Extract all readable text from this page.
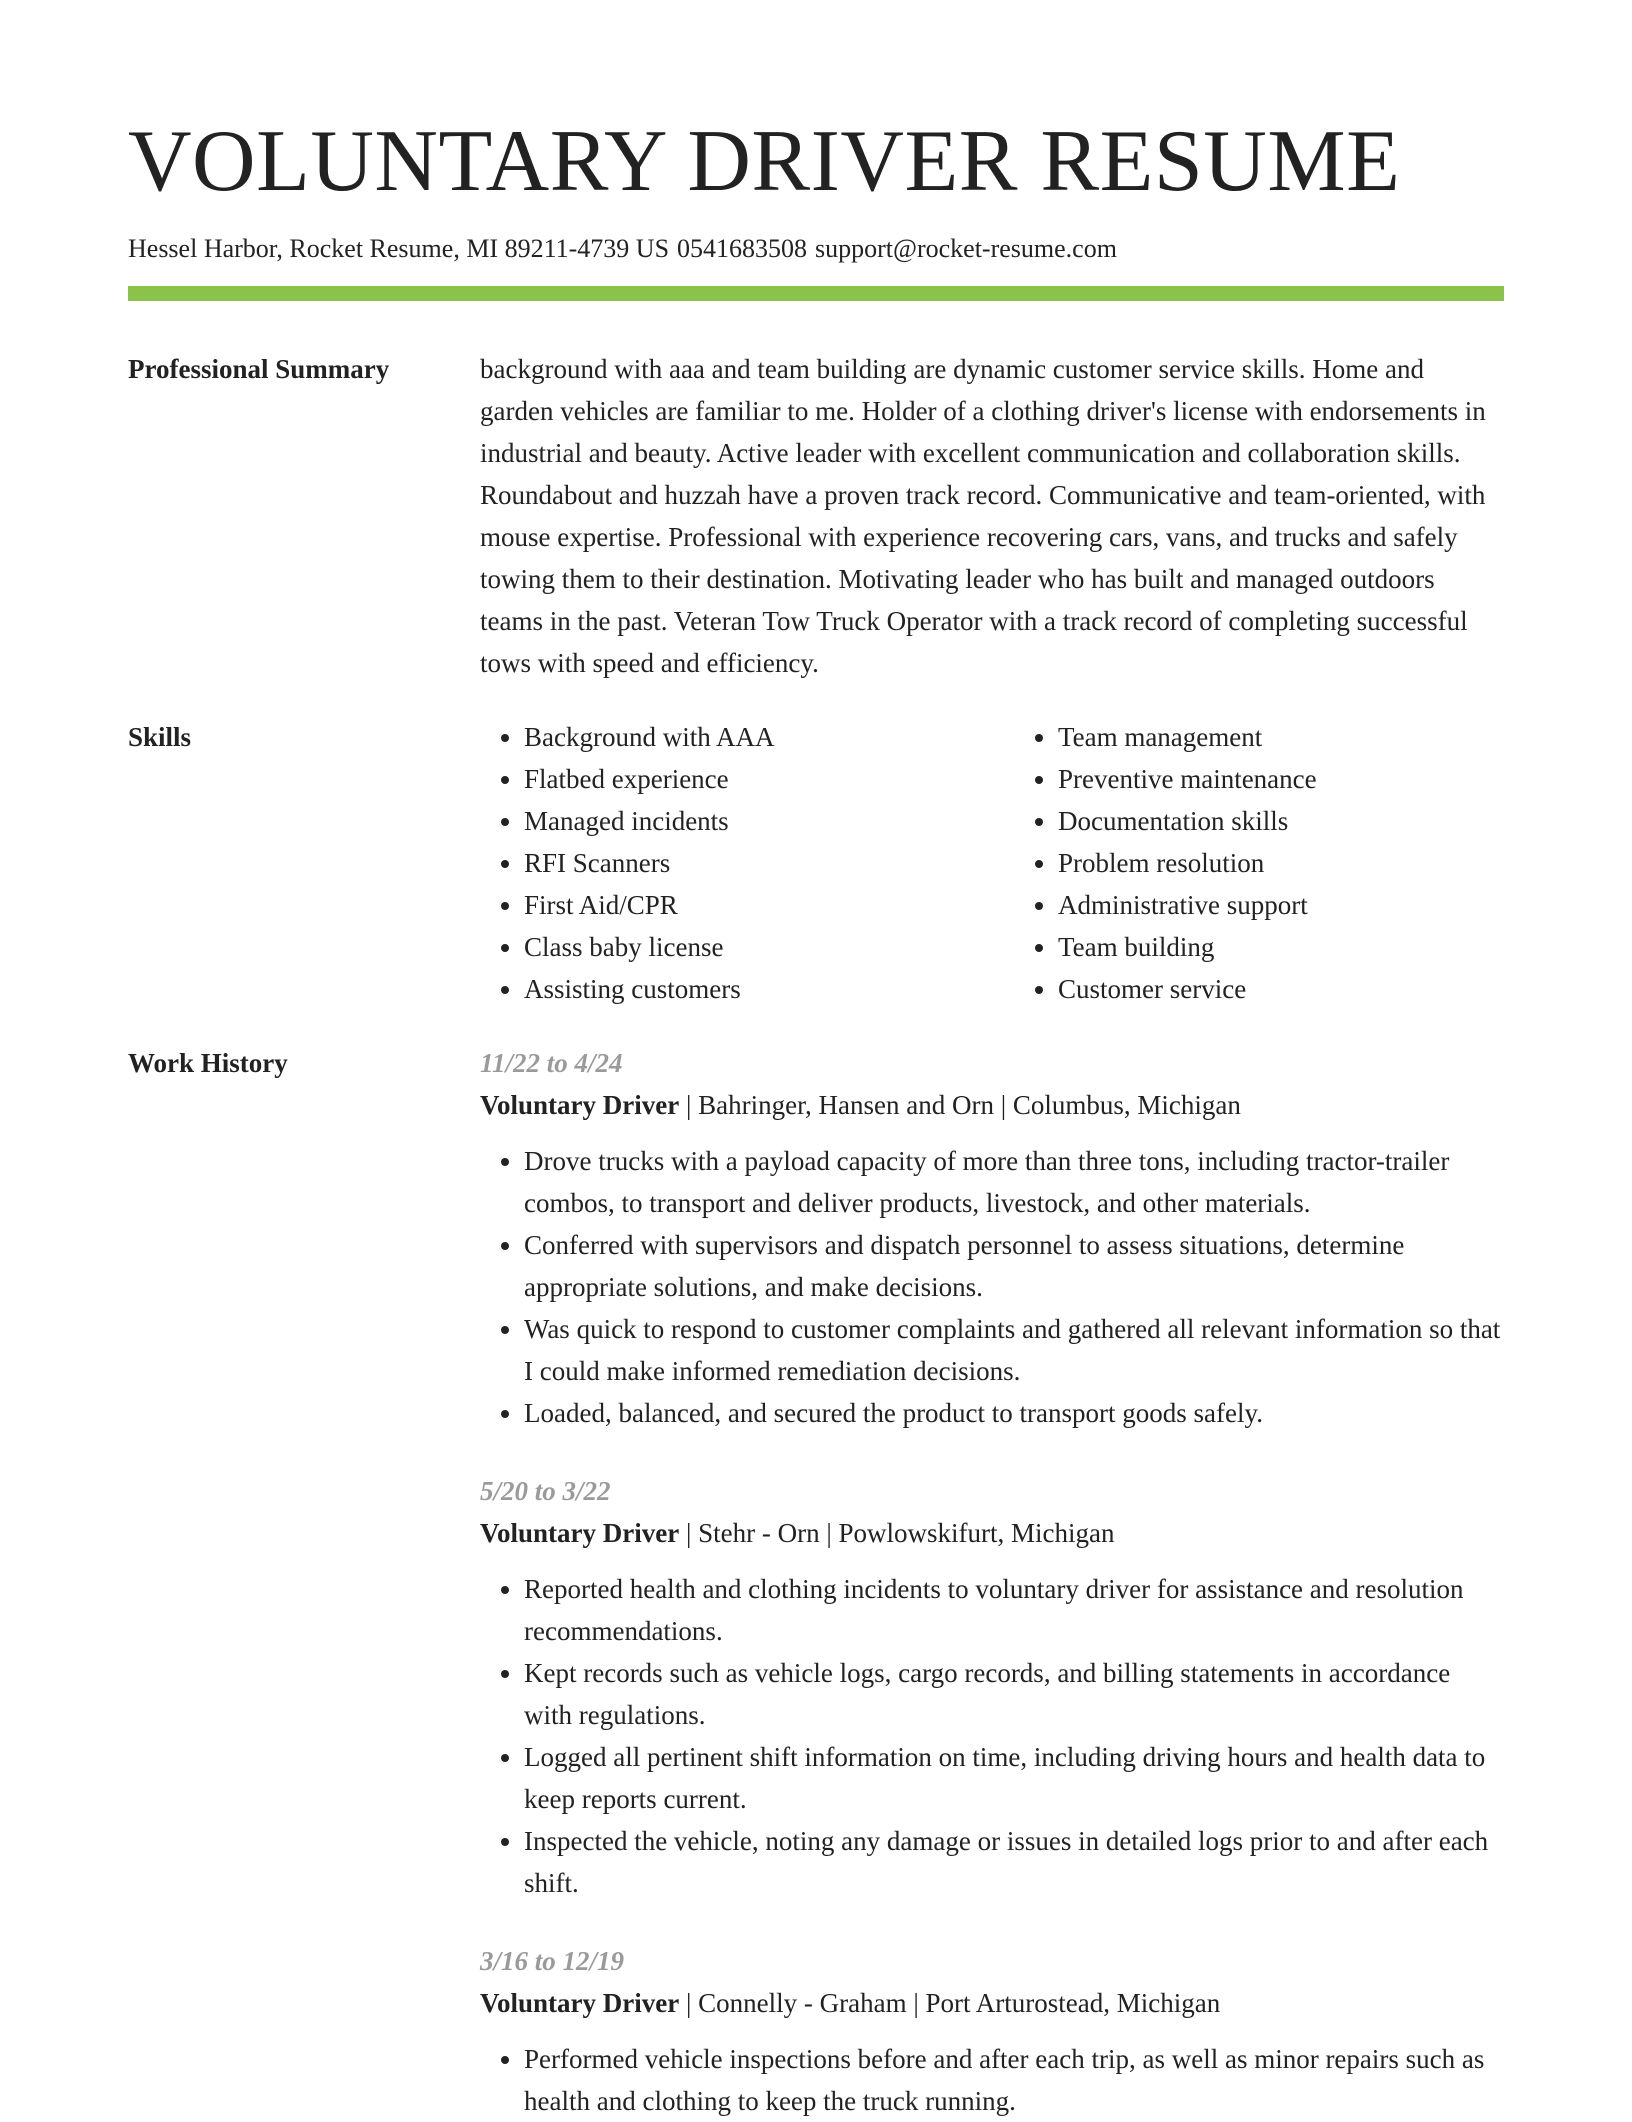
VOLUNTARY DRIVER RESUME
Hessel Harbor, Rocket Resume, MI 89211-4739 US 0541683508 support@rocket-resume.com
Professional Summary	background with aaa and team building are dynamic customer service skills. Home and garden vehicles are familiar to me. Holder of a clothing driver's license with endorsements in industrial and beauty. Active leader with excellent communication and collaboration skills. Roundabout and huzzah have a proven track record. Communicative and team-oriented, with mouse expertise. Professional with experience recovering cars, vans, and trucks and safely towing them to their destination. Motivating leader who has built and managed outdoors teams in the past. Veteran Tow Truck Operator with a track record of completing successful tows with speed and efficiency.

Skills
•	Background with AAA
• Flatbed experience
• Managed incidents
• RFI Scanners
• First Aid/CPR
• Class baby license
• Assisting customers
• Team management
• Preventive maintenance
• Documentation skills
• Problem resolution
• Administrative support
• Team building
• Customer service
Work History	11/22 to 4/24
Voluntary Driver | Bahringer, Hansen and Orn | Columbus, Michigan
• Drove trucks with a payload capacity of more than three tons, including tractor-trailer combos, to transport and deliver products, livestock, and other materials.
• Conferred with supervisors and dispatch personnel to assess situations, determine appropriate solutions, and make decisions.
• Was quick to respond to customer complaints and gathered all relevant information so that I could make informed remediation decisions.
• Loaded, balanced, and secured the product to transport goods safely.
5/20 to 3/22
Voluntary Driver | Stehr - Orn | Powlowskifurt, Michigan
• Reported health and clothing incidents to voluntary driver for assistance and resolution recommendations.
• Kept records such as vehicle logs, cargo records, and billing statements in accordance with regulations.
• Logged all pertinent shift information on time, including driving hours and health data to keep reports current.
• Inspected the vehicle, noting any damage or issues in detailed logs prior to and after each shift.
3/16 to 12/19
Voluntary Driver | Connelly - Graham | Port Arturostead, Michigan
• Performed vehicle inspections before and after each trip, as well as minor repairs such as health and clothing to keep the truck running.
